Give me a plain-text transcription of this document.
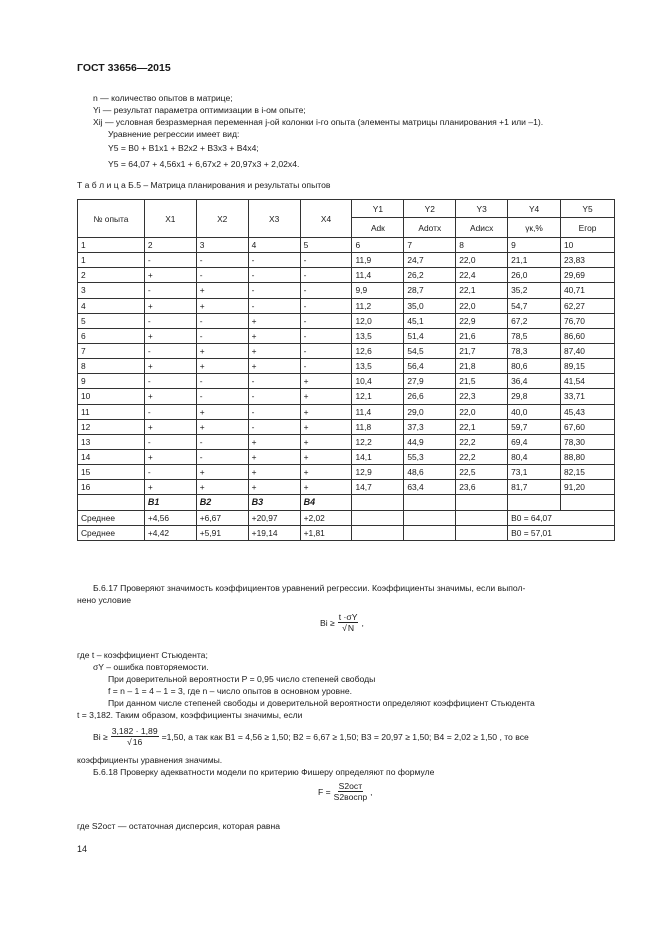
ГОСТ 33656—2015
n — количество опытов в матрице;
Yi — результат параметра оптимизации в i-ом опыте;
Xij — условная безразмерная переменная j-ой колонки i-го опыта (элементы матрицы планирования +1 или –1).
Уравнение регрессии имеет вид:
Y5 = B0 + B1x1 + B2x2 + B3x3 + B4x4;
Y5 = 64,07 + 4,56x1 + 6,67x2 + 20,97x3 + 2,02x4.
Т а б л и ц а Б.5 – Матрица планирования и результаты опытов
№ опыта	X1	X2	X3	X4	Y1	Y2	Y3	Y4	Y5
					Adк	Adотх	Adисх	γк,%	Eгор
1	2	3	4	5	6	7	8	9	10
1	-	-	-	-	11,9	24,7	22,0	21,1	23,83
2	+	-	-	-	11,4	26,2	22,4	26,0	29,69
3	-	+	-	-	9,9	28,7	22,1	35,2	40,71
4	+	+	-	-	11,2	35,0	22,0	54,7	62,27
5	-	-	+	-	12,0	45,1	22,9	67,2	76,70
6	+	-	+	-	13,5	51,4	21,6	78,5	86,60
7	-	+	+	-	12,6	54,5	21,7	78,3	87,40
8	+	+	+	-	13,5	56,4	21,8	80,6	89,15
9	-	-	-	+	10,4	27,9	21,5	36,4	41,54
10	+	-	-	+	12,1	26,6	22,3	29,8	33,71
11	-	+	-	+	11,4	29,0	22,0	40,0	45,43
12	+	+	-	+	11,8	37,3	22,1	59,7	67,60
13	-	-	+	+	12,2	44,9	22,2	69,4	78,30
14	+	-	+	+	14,1	55,3	22,2	80,4	88,80
15	-	+	+	+	12,9	48,6	22,5	73,1	82,15
16	+	+	+	+	14,7	63,4	23,6	81,7	91,20
	B1	B2	B3	B4					
Среднее	+4,56	+6,67	+20,97	+2,02				B0 = 64,07	
Среднее	+4,42	+5,91	+19,14	+1,81				B0 = 57,01	
Б.6.17 Проверяют значимость коэффициентов уравнений регрессии. Коэффициенты значимы, если выпол-
нено условие
$Bi \ge \frac{t \cdot\sigma Y}{√N}$ ,
где t – коэффициент Стьюдента;
σY – ошибка повторяемости.
При доверительной вероятности P = 0,95 число степеней свободы
f = n – 1 = 4 – 1 = 3, где n – число опытов в основном уровне.
При данном числе степеней свободы и доверительной вероятности определяют коэффициент Стьюдента
t = 3,182. Таким образом, коэффициенты значимы, если
$Bi \ge \frac{3,182 \cdot 1,89}{√16} =1,50$, а так как B1 = 4,56 ≥ 1,50; B2 = 6,67 ≥ 1,50; B3 = 20,97 ≥ 1,50; B4 = 2,02 ≥ 1,50 , то все
коэффициенты уравнения значимы.
Б.6.18 Проверку адекватности модели по критерию Фишеру определяют по формуле
$F = \frac{\text{S2ост}}{\text{S2воспр}}$ ,
где S2ост — остаточная дисперсия, которая равна
14
